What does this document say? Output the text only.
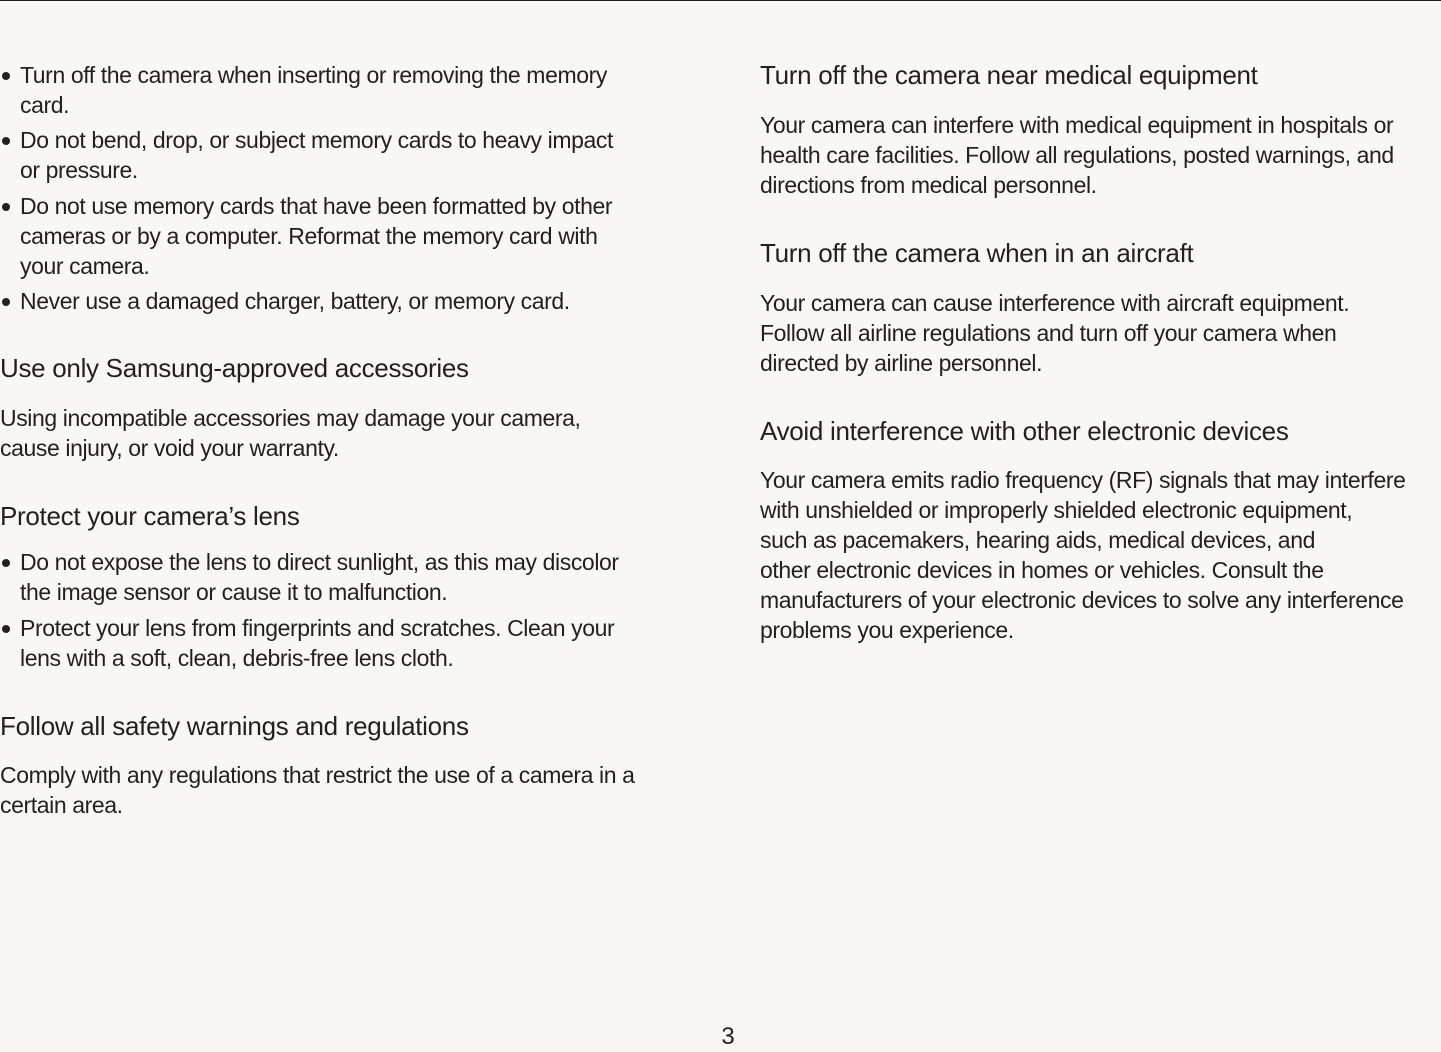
Turn off the camera when inserting or removing the memory
card.
Do not bend, drop, or subject memory cards to heavy impact
or pressure.
Do not use memory cards that have been formatted by other
cameras or by a computer. Reformat the memory card with
your camera.
Never use a damaged charger, battery, or memory card.
Use only Samsung-approved accessories
Using incompatible accessories may damage your camera,
cause injury, or void your warranty.
Protect your camera’s lens
Do not expose the lens to direct sunlight, as this may discolor
the image sensor or cause it to malfunction.
Protect your lens from fingerprints and scratches. Clean your
lens with a soft, clean, debris-free lens cloth.
Follow all safety warnings and regulations
Comply with any regulations that restrict the use of a camera in a
certain area.
Turn off the camera near medical equipment
Your camera can interfere with medical equipment in hospitals or
health care facilities. Follow all regulations, posted warnings, and
directions from medical personnel.
Turn off the camera when in an aircraft
Your camera can cause interference with aircraft equipment.
Follow all airline regulations and turn off your camera when
directed by airline personnel.
Avoid interference with other electronic devices
Your camera emits radio frequency (RF) signals that may interfere
with unshielded or improperly shielded electronic equipment,
such as pacemakers, hearing aids, medical devices, and
other electronic devices in homes or vehicles. Consult the
manufacturers of your electronic devices to solve any interference
problems you experience.
3
